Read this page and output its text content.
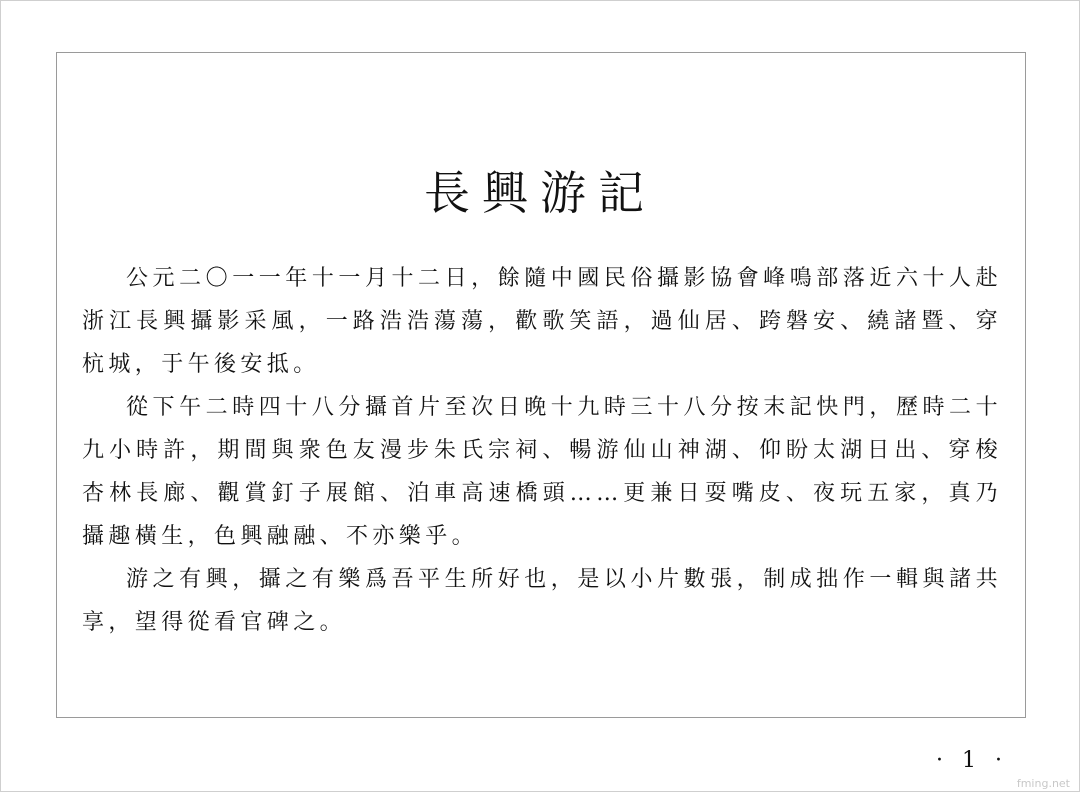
長興游記

公元二〇一一年十一月十二日，餘隨中國民俗攝影協會峰鳴部落近六十人赴浙江長興攝影采風，一路浩浩蕩蕩，歡歌笑語，過仙居、跨磐安、繞諸暨、穿杭城，于午後安抵。

從下午二時四十八分攝首片至次日晚十九時三十八分按末記快門，歷時二十九小時許，期間與衆色友漫步朱氏宗祠、暢游仙山神湖、仰盼太湖日出、穿梭杏林長廊、觀賞釘子展館、泊車高速橋頭……更兼日耍嘴皮、夜玩五家，真乃攝趣橫生，色興融融、不亦樂乎。

游之有興，攝之有樂爲吾平生所好也，是以小片數張，制成拙作一輯與諸共享，望得從看官碑之。

· 1 ·
fming.net
